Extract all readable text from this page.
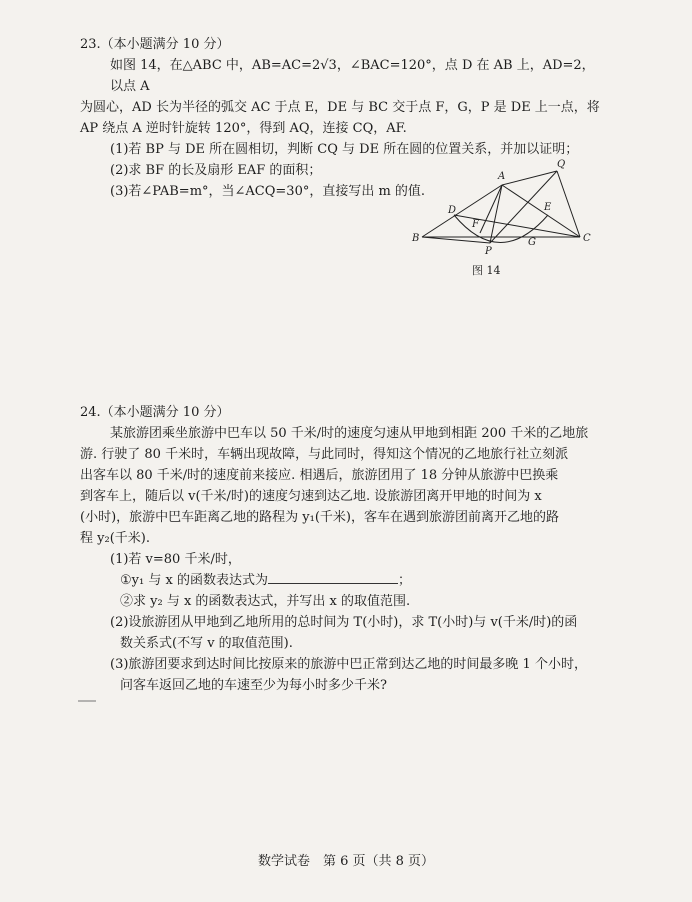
23.（本小题满分 10 分）

如图 14，在△ABC 中，AB=AC=2√3，∠BAC=120°，点 D 在 AB 上，AD=2，以点 A

为圆心，AD 长为半径的弧交 AC 于点 E，DE 与 BC 交于点 F，G，P 是 DE 上一点，将

AP 绕点 A 逆时针旋转 120°，得到 AQ，连接 CQ，AF.

(1)若 BP 与 DE 所在圆相切，判断 CQ 与 DE 所在圆的位置关系，并加以证明；

(2)求 BF 的长及扇形 EAF 的面积；

(3)若∠PAB=m°，当∠ACQ=30°，直接写出 m 的值.

A
B	C
D	E
F
G
P
Q
图 14

24.（本小题满分 10 分）

某旅游团乘坐旅游中巴车以 50 千米/时的速度匀速从甲地到相距 200 千米的乙地旅

游. 行驶了 80 千米时，车辆出现故障，与此同时，得知这个情况的乙地旅行社立刻派

出客车以 80 千米/时的速度前来接应. 相遇后，旅游团用了 18 分钟从旅游中巴换乘

到客车上，随后以 v(千米/时)的速度匀速到达乙地. 设旅游团离开甲地的时间为 x

(小时)，旅游中巴车距离乙地的路程为 y₁(千米)，客车在遇到旅游团前离开乙地的路

程 y₂(千米).

(1)若 v=80 千米/时，

①y₁ 与 x 的函数表达式为	；

②求 y₂ 与 x 的函数表达式，并写出 x 的取值范围.

(2)设旅游团从甲地到乙地所用的总时间为 T(小时)，求 T(小时)与 v(千米/时)的函

数关系式(不写 v 的取值范围).

(3)旅游团要求到达时间比按原来的旅游中巴正常到达乙地的时间最多晚 1 个小时，

问客车返回乙地的车速至少为每小时多少千米?

数学试卷　第 6 页（共 8 页）
